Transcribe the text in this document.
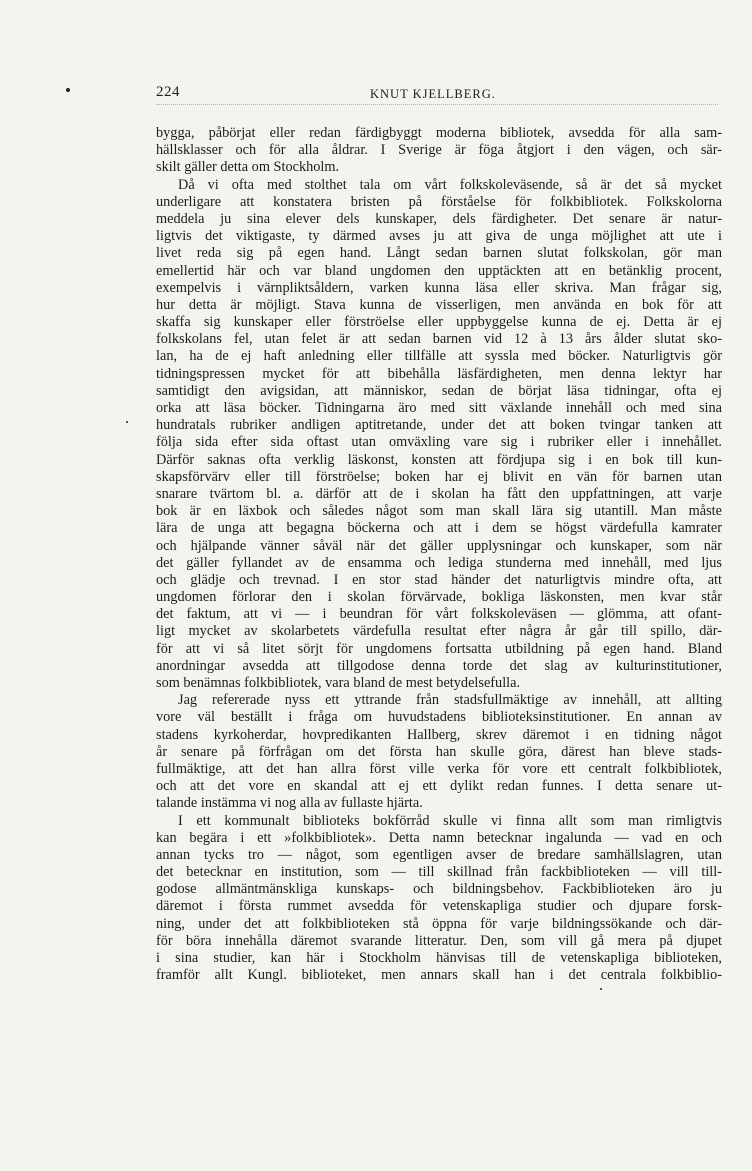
224	KNUT KJELLBERG.
bygga, påbörjat eller redan färdigbyggt moderna bibliotek, avsedda för alla sam-
hällsklasser och för alla åldrar. I Sverige är föga åtgjort i den vägen, och sär-
skilt gäller detta om Stockholm.
Då vi ofta med stolthet tala om vårt folkskoleväsende, så är det så mycket
underligare att konstatera bristen på förståelse för folkbibliotek. Folkskolorna
meddela ju sina elever dels kunskaper, dels färdigheter. Det senare är natur-
ligtvis det viktigaste, ty därmed avses ju att giva de unga möjlighet att ute i
livet reda sig på egen hand. Långt sedan barnen slutat folkskolan, gör man
emellertid här och var bland ungdomen den upptäckten att en betänklig procent,
exempelvis i värnpliktsåldern, varken kunna läsa eller skriva. Man frågar sig,
hur detta är möjligt. Stava kunna de visserligen, men använda en bok för att
skaffa sig kunskaper eller förströelse eller uppbyggelse kunna de ej. Detta är ej
folkskolans fel, utan felet är att sedan barnen vid 12 à 13 års ålder slutat sko-
lan, ha de ej haft anledning eller tillfälle att syssla med böcker. Naturligtvis gör
tidningspressen mycket för att bibehålla läsfärdigheten, men denna lektyr har
samtidigt den avigsidan, att människor, sedan de börjat läsa tidningar, ofta ej
orka att läsa böcker. Tidningarna äro med sitt växlande innehåll och med sina
hundratals rubriker andligen aptitretande, under det att boken tvingar tanken att
följa sida efter sida oftast utan omväxling vare sig i rubriker eller i innehållet.
Därför saknas ofta verklig läskonst, konsten att fördjupa sig i en bok till kun-
skapsförvärv eller till förströelse; boken har ej blivit en vän för barnen utan
snarare tvärtom bl. a. därför att de i skolan ha fått den uppfattningen, att varje
bok är en läxbok och således något som man skall lära sig utantill. Man måste
lära de unga att begagna böckerna och att i dem se högst värdefulla kamrater
och hjälpande vänner såväl när det gäller upplysningar och kunskaper, som när
det gäller fyllandet av de ensamma och lediga stunderna med innehåll, med ljus
och glädje och trevnad. I en stor stad händer det naturligtvis mindre ofta, att
ungdomen förlorar den i skolan förvärvade, bokliga läskonsten, men kvar står
det faktum, att vi — i beundran för vårt folkskoleväsen — glömma, att ofant-
ligt mycket av skolarbetets värdefulla resultat efter några år går till spillo, där-
för att vi så litet sörjt för ungdomens fortsatta utbildning på egen hand. Bland
anordningar avsedda att tillgodose denna torde det slag av kulturinstitutioner,
som benämnas folkbibliotek, vara bland de mest betydelsefulla.
Jag refererade nyss ett yttrande från stadsfullmäktige av innehåll, att allting
vore väl beställt i fråga om huvudstadens biblioteksinstitutioner. En annan av
stadens kyrkoherdar, hovpredikanten Hallberg, skrev däremot i en tidning något
år senare på förfrågan om det första han skulle göra, därest han bleve stads-
fullmäktige, att det han allra först ville verka för vore ett centralt folkbibliotek,
och att det vore en skandal att ej ett dylikt redan funnes. I detta senare ut-
talande instämma vi nog alla av fullaste hjärta.
I ett kommunalt biblioteks bokförråd skulle vi finna allt som man rimligtvis
kan begära i ett »folkbibliotek». Detta namn betecknar ingalunda — vad en och
annan tycks tro — något, som egentligen avser de bredare samhällslagren, utan
det betecknar en institution, som — till skillnad från fackbiblioteken — vill till-
godose allmäntmänskliga kunskaps- och bildningsbehov. Fackbiblioteken äro ju
däremot i första rummet avsedda för vetenskapliga studier och djupare forsk-
ning, under det att folkbiblioteken stå öppna för varje bildningssökande och där-
för böra innehålla däremot svarande litteratur. Den, som vill gå mera på djupet
i sina studier, kan här i Stockholm hänvisas till de vetenskapliga biblioteken,
framför allt Kungl. biblioteket, men annars skall han i det centrala folkbiblio-
